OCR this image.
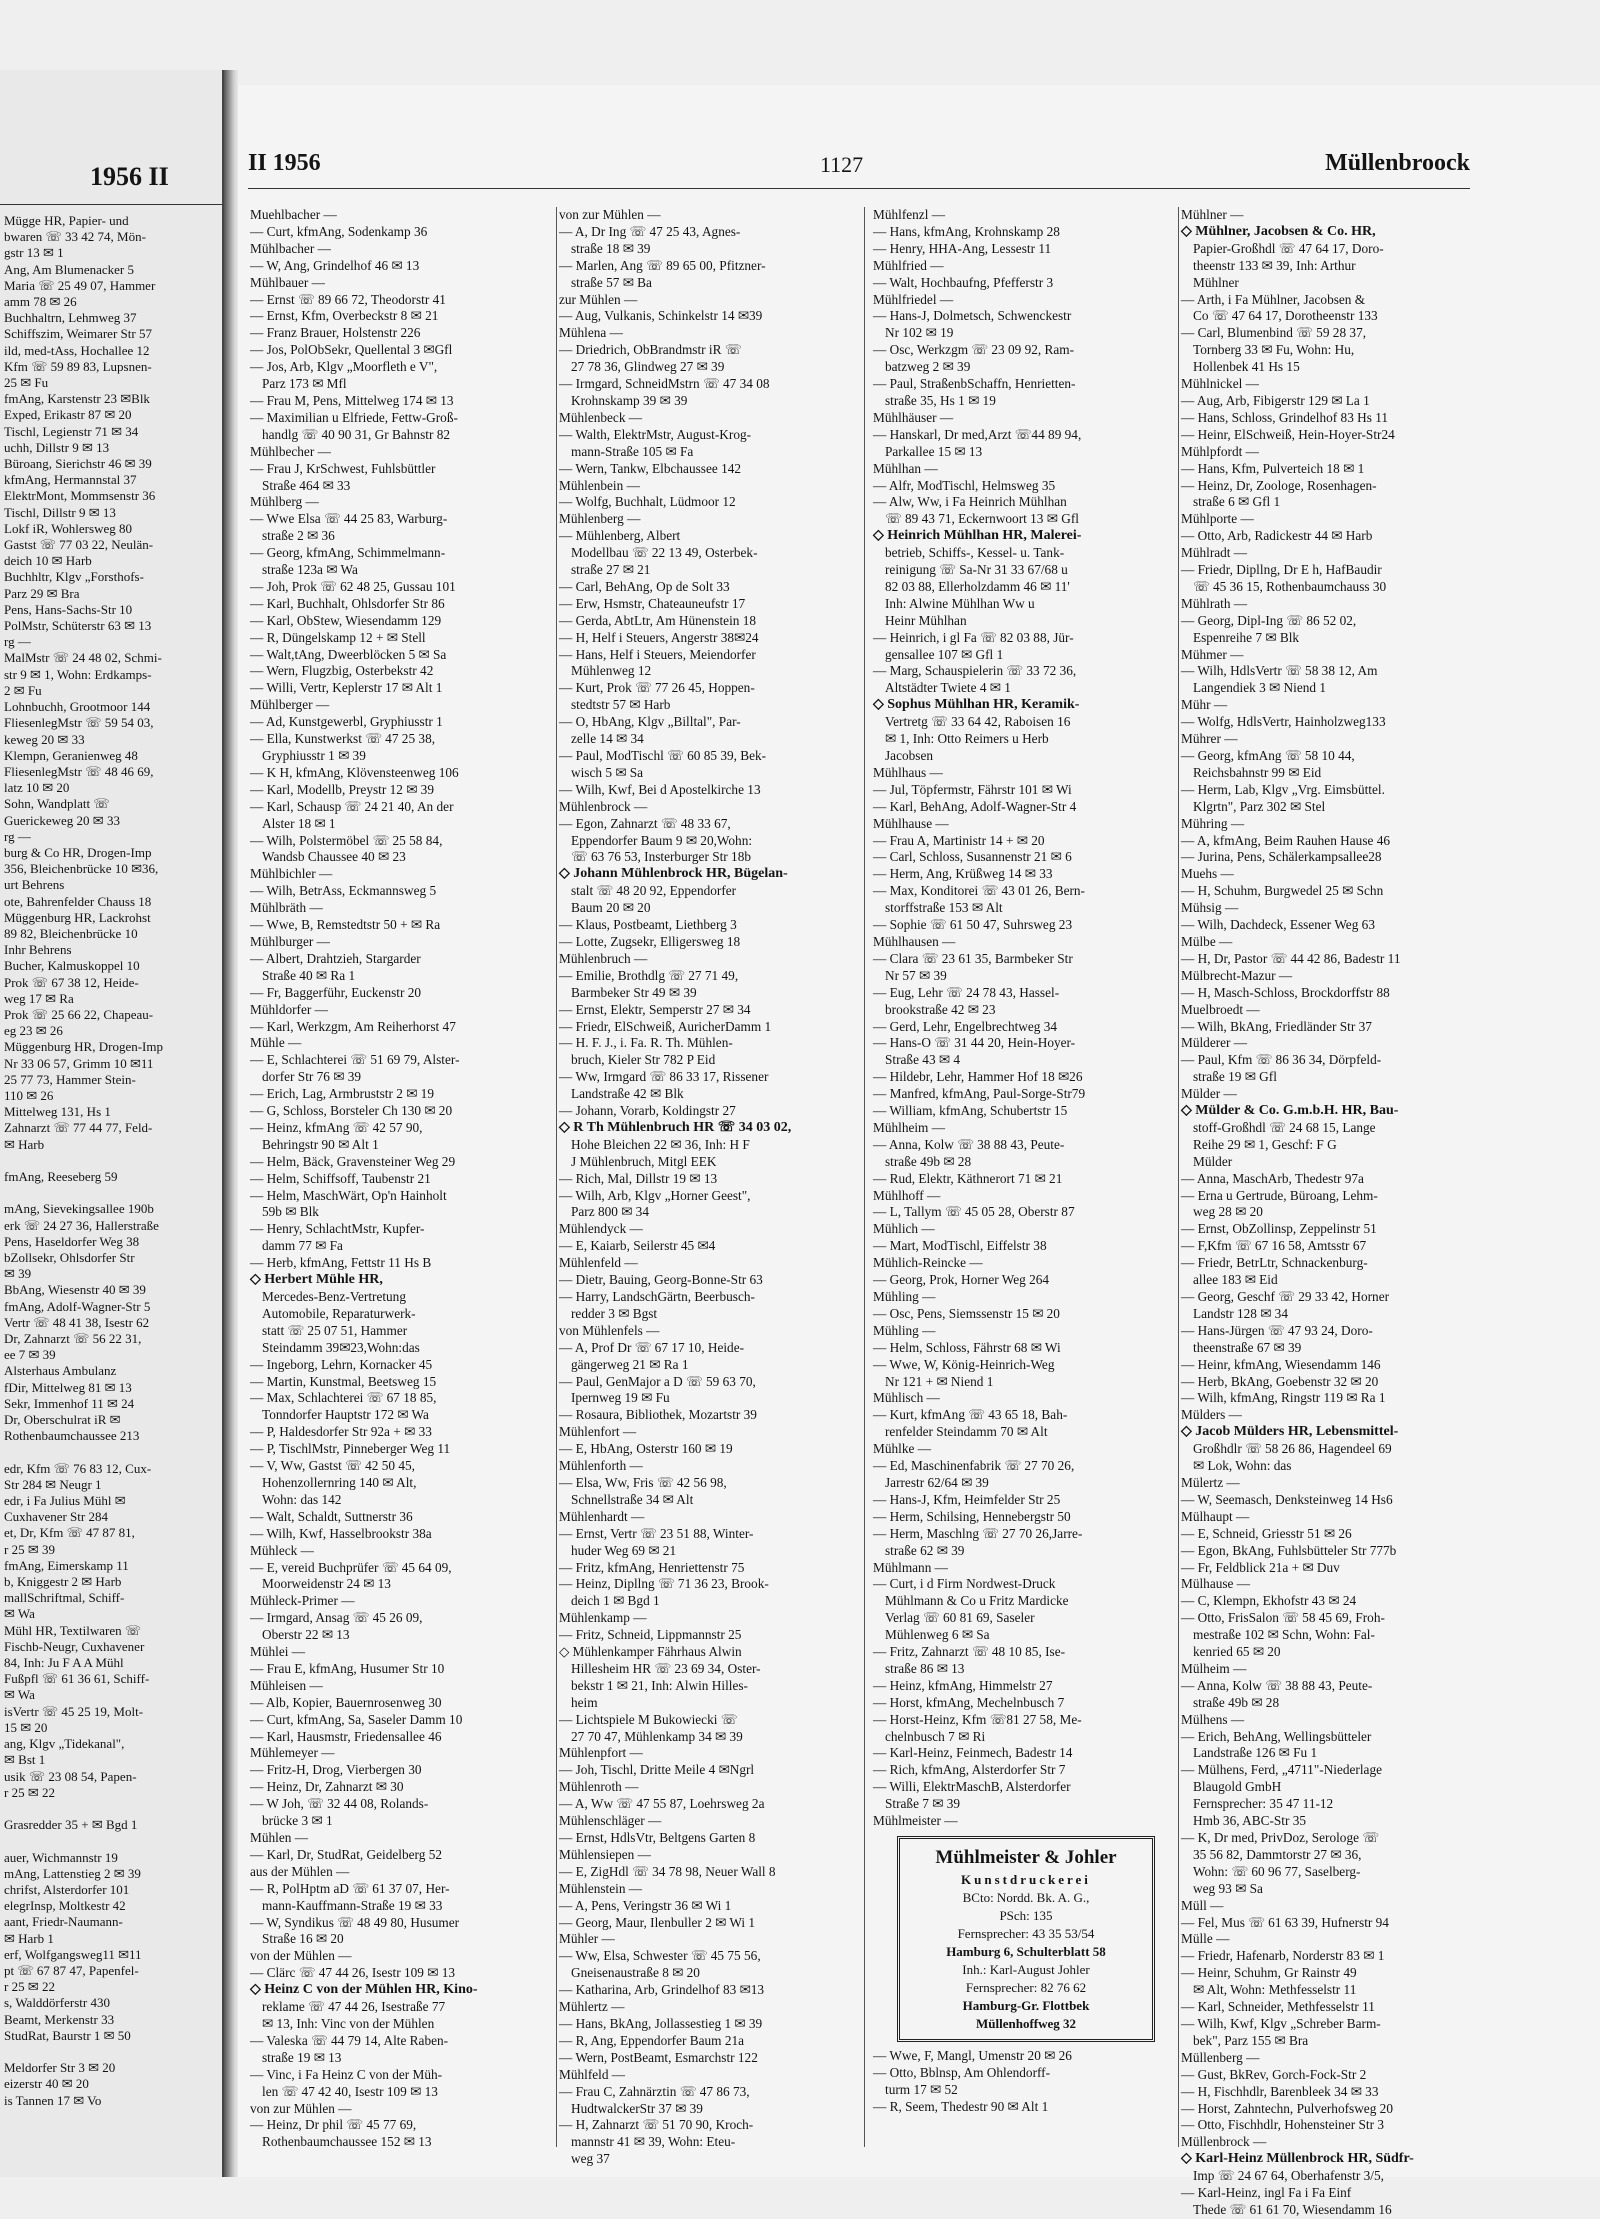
1956 II
Mügge HR, Papier- und
bwaren ☏ 33 42 74, Mön-
gstr 13 ✉ 1
Ang, Am Blumenacker 5
Maria ☏ 25 49 07, Hammer
amm 78 ✉ 26
Buchhaltrn, Lehmweg 37
Schiffszim, Weimarer Str 57
ild, med-tAss, Hochallee 12
Kfm ☏ 59 89 83, Lupsnen-
25 ✉ Fu
fmAng, Karstenstr 23 ✉Blk
Exped, Erikastr 87 ✉ 20
Tischl, Legienstr 71 ✉ 34
uchh, Dillstr 9 ✉ 13
Büroang, Sierichstr 46 ✉ 39
kfmAng, Hermannstal 37
ElektrMont, Mommsenstr 36
Tischl, Dillstr 9 ✉ 13
Lokf iR, Wohlersweg 80
Gastst ☏ 77 03 22, Neulän-
deich 10 ✉ Harb
Buchhltr, Klgv „Forsthofs-
Parz 29 ✉ Bra
Pens, Hans-Sachs-Str 10
PolMstr, Schüterstr 63 ✉ 13
rg —
MalMstr ☏ 24 48 02, Schmi-
str 9 ✉ 1, Wohn: Erdkamps-
2 ✉ Fu
Lohnbuchh, Grootmoor 144
FliesenlegMstr ☏ 59 54 03,
keweg 20 ✉ 33
Klempn, Geranienweg 48
FliesenlegMstr ☏ 48 46 69,
latz 10 ✉ 20
Sohn, Wandplatt ☏
Guerickeweg 20 ✉ 33
rg —
burg & Co HR, Drogen-Imp
356, Bleichenbrücke 10 ✉36,
urt Behrens
ote, Bahrenfelder Chauss 18
Müggenburg HR, Lackrohst
89 82, Bleichenbrücke 10
Inhr Behrens
Bucher, Kalmuskoppel 10
Prok ☏ 67 38 12, Heide-
weg 17 ✉ Ra
Prok ☏ 25 66 22, Chapeau-
eg 23 ✉ 26
Müggenburg HR, Drogen-Imp
Nr 33 06 57, Grimm 10 ✉11
25 77 73, Hammer Stein-
110 ✉ 26
Mittelweg 131, Hs 1
Zahnarzt ☏ 77 44 77, Feld-
✉ Harb

fmAng, Reeseberg 59

mAng, Sievekingsallee 190b
erk ☏ 24 27 36, Hallerstraße
Pens, Haseldorfer Weg 38
bZollsekr, Ohlsdorfer Str
✉ 39
BbAng, Wiesenstr 40 ✉ 39
fmAng, Adolf-Wagner-Str 5
Vertr ☏ 48 41 38, Isestr 62
Dr, Zahnarzt ☏ 56 22 31,
ee 7 ✉ 39
Alsterhaus Ambulanz
fDir, Mittelweg 81 ✉ 13
Sekr, Immenhof 11 ✉ 24
Dr, Oberschulrat iR ✉
Rothenbaumchaussee 213

edr, Kfm ☏ 76 83 12, Cux-
Str 284 ✉ Neugr 1
edr, i Fa Julius Mühl ✉
Cuxhavener Str 284
et, Dr, Kfm ☏ 47 87 81,
r 25 ✉ 39
fmAng, Eimerskamp 11
b, Kniggestr 2 ✉ Harb
mallSchriftmal, Schiff-
✉ Wa
Mühl HR, Textilwaren ☏
Fischb-Neugr, Cuxhavener
84, Inh: Ju F A A Mühl
Fußpfl ☏ 61 36 61, Schiff-
✉ Wa
isVertr ☏ 45 25 19, Molt-
15 ✉ 20
ang, Klgv „Tidekanal",
✉ Bst 1
usik ☏ 23 08 54, Papen-
r 25 ✉ 22

Grasredder 35 + ✉ Bgd 1

auer, Wichmannstr 19
mAng, Lattenstieg 2 ✉ 39
chrifst, Alsterdorfer 101
elegrInsp, Moltkestr 42
aant, Friedr-Naumann-
✉ Harb 1
erf, Wolfgangsweg11 ✉11
pt ☏ 67 87 47, Papenfel-
r 25 ✉ 22
s, Walddörferstr 430
Beamt, Merkenstr 33
StudRat, Baurstr 1 ✉ 50

Meldorfer Str 3 ✉ 20
eizerstr 40 ✉ 20
is Tannen 17 ✉ Vo
II 1956	1127	Müllenbroock
Muehlbacher —
— Curt, kfmAng, Sodenkamp 36
Mühlbacher —
— W, Ang, Grindelhof 46 ✉ 13
Mühlbauer —
— Ernst ☏ 89 66 72, Theodorstr 41
— Ernst, Kfm, Overbeckstr 8 ✉ 21
— Franz Brauer, Holstenstr 226
— Jos, PolObSekr, Quellental 3 ✉Gfl
— Jos, Arb, Klgv „Moorfleth e V",
Parz 173 ✉ Mfl
— Frau M, Pens, Mittelweg 174 ✉ 13
— Maximilian u Elfriede, Fettw-Groß-
handlg ☏ 40 90 31, Gr Bahnstr 82
Mühlbecher —
— Frau J, KrSchwest, Fuhlsbüttler
Straße 464 ✉ 33
Mühlberg —
— Wwe Elsa ☏ 44 25 83, Warburg-
straße 2 ✉ 36
— Georg, kfmAng, Schimmelmann-
straße 123a ✉ Wa
— Joh, Prok ☏ 62 48 25, Gussau 101
— Karl, Buchhalt, Ohlsdorfer Str 86
— Karl, ObStew, Wiesendamm 129
— R, Düngelskamp 12 + ✉ Stell
— Walt,tAng, Dweerblöcken 5 ✉ Sa
— Wern, Flugzbig, Osterbekstr 42
— Willi, Vertr, Keplerstr 17 ✉ Alt 1
Mühlberger —
— Ad, Kunstgewerbl, Gryphiusstr 1
— Ella, Kunstwerkst ☏ 47 25 38,
Gryphiusstr 1 ✉ 39
— K H, kfmAng, Klövensteenweg 106
— Karl, Modellb, Preystr 12 ✉ 39
— Karl, Schausp ☏ 24 21 40, An der
Alster 18 ✉ 1
— Wilh, Polstermöbel ☏ 25 58 84,
Wandsb Chaussee 40 ✉ 23
Mühlbichler —
— Wilh, BetrAss, Eckmannsweg 5
Mühlbräth —
— Wwe, B, Remstedtstr 50 + ✉ Ra
Mühlburger —
— Albert, Drahtzieh, Stargarder
Straße 40 ✉ Ra 1
— Fr, Baggerführ, Euckenstr 20
Mühldorfer —
— Karl, Werkzgm, Am Reiherhorst 47
Mühle —
— E, Schlachterei ☏ 51 69 79, Alster-
dorfer Str 76 ✉ 39
— Erich, Lag, Armbruststr 2 ✉ 19
— G, Schloss, Borsteler Ch 130 ✉ 20
— Heinz, kfmAng ☏ 42 57 90,
Behringstr 90 ✉ Alt 1
— Helm, Bäck, Gravensteiner Weg 29
— Helm, Schiffsoff, Taubenstr 21
— Helm, MaschWärt, Op'n Hainholt
59b ✉ Blk
— Henry, SchlachtMstr, Kupfer-
damm 77 ✉ Fa
— Herb, kfmAng, Fettstr 11 Hs B
◇ Herbert Mühle HR,
Mercedes-Benz-Vertretung
Automobile, Reparaturwerk-
statt ☏ 25 07 51, Hammer
Steindamm 39✉23,Wohn:das
— Ingeborg, Lehrn, Kornacker 45
— Martin, Kunstmal, Beetsweg 15
— Max, Schlachterei ☏ 67 18 85,
Tonndorfer Hauptstr 172 ✉ Wa
— P, Haldesdorfer Str 92a + ✉ 33
— P, TischlMstr, Pinneberger Weg 11
— V, Ww, Gastst ☏ 42 50 45,
Hohenzollernring 140 ✉ Alt,
Wohn: das 142
— Walt, Schaldt, Suttnerstr 36
— Wilh, Kwf, Hasselbrookstr 38a
Mühleck —
— E, vereid Buchprüfer ☏ 45 64 09,
Moorweidenstr 24 ✉ 13
Mühleck-Primer —
— Irmgard, Ansag ☏ 45 26 09,
Oberstr 22 ✉ 13
Mühlei —
— Frau E, kfmAng, Husumer Str 10
Mühleisen —
— Alb, Kopier, Bauernrosenweg 30
— Curt, kfmAng, Sa, Saseler Damm 10
— Karl, Hausmstr, Friedensallee 46
Mühlemeyer —
— Fritz-H, Drog, Vierbergen 30
— Heinz, Dr, Zahnarzt ✉ 30
— W Joh, ☏ 32 44 08, Rolands-
brücke 3 ✉ 1
Mühlen —
— Karl, Dr, StudRat, Geidelberg 52
aus der Mühlen —
— R, PolHptm aD ☏ 61 37 07, Her-
mann-Kauffmann-Straße 19 ✉ 33
— W, Syndikus ☏ 48 49 80, Husumer
Straße 16 ✉ 20
von der Mühlen —
— Clärc ☏ 47 44 26, Isestr 109 ✉ 13
◇ Heinz C von der Mühlen HR, Kino-
reklame ☏ 47 44 26, Isestraße 77
✉ 13, Inh: Vinc von der Mühlen
— Valeska ☏ 44 79 14, Alte Raben-
straße 19 ✉ 13
— Vinc, i Fa Heinz C von der Müh-
len ☏ 47 42 40, Isestr 109 ✉ 13
von zur Mühlen —
— Heinz, Dr phil ☏ 45 77 69,
Rothenbaumchaussee 152 ✉ 13
von zur Mühlen —
— A, Dr Ing ☏ 47 25 43, Agnes-
straße 18 ✉ 39
— Marlen, Ang ☏ 89 65 00, Pfitzner-
straße 57 ✉ Ba
zur Mühlen —
— Aug, Vulkanis, Schinkelstr 14 ✉39
Mühlena —
— Driedrich, ObBrandmstr iR ☏
27 78 36, Glindweg 27 ✉ 39
— Irmgard, SchneidMstrn ☏ 47 34 08
Krohnskamp 39 ✉ 39
Mühlenbeck —
— Walth, ElektrMstr, August-Krog-
mann-Straße 105 ✉ Fa
— Wern, Tankw, Elbchaussee 142
Mühlenbein —
— Wolfg, Buchhalt, Lüdmoor 12
Mühlenberg —
— Mühlenberg, Albert
Modellbau ☏ 22 13 49, Osterbek-
straße 27 ✉ 21
— Carl, BehAng, Op de Solt 33
— Erw, Hsmstr, Chateauneufstr 17
— Gerda, AbtLtr, Am Hünenstein 18
— H, Helf i Steuers, Angerstr 38✉24
— Hans, Helf i Steuers, Meiendorfer
Mühlenweg 12
— Kurt, Prok ☏ 77 26 45, Hoppen-
stedtstr 57 ✉ Harb
— O, HbAng, Klgv „Billtal", Par-
zelle 14 ✉ 34
— Paul, ModTischl ☏ 60 85 39, Bek-
wisch 5 ✉ Sa
— Wilh, Kwf, Bei d Apostelkirche 13
Mühlenbrock —
— Egon, Zahnarzt ☏ 48 33 67,
Eppendorfer Baum 9 ✉ 20,Wohn:
☏ 63 76 53, Insterburger Str 18b
◇ Johann Mühlenbrock HR, Bügelan-
stalt ☏ 48 20 92, Eppendorfer
Baum 20 ✉ 20
— Klaus, Postbeamt, Liethberg 3
— Lotte, Zugsekr, Elligersweg 18
Mühlenbruch —
— Emilie, Brothdlg ☏ 27 71 49,
Barmbeker Str 49 ✉ 39
— Ernst, Elektr, Semperstr 27 ✉ 34
— Friedr, ElSchweiß, AuricherDamm 1
— H. F. J., i. Fa. R. Th. Mühlen-
bruch, Kieler Str 782 P Eid
— Ww, Irmgard ☏ 86 33 17, Rissener
Landstraße 42 ✉ Blk
— Johann, Vorarb, Koldingstr 27
◇ R Th Mühlenbruch HR ☏ 34 03 02,
Hohe Bleichen 22 ✉ 36, Inh: H F
J Mühlenbruch, Mitgl EEK
— Rich, Mal, Dillstr 19 ✉ 13
— Wilh, Arb, Klgv „Horner Geest",
Parz 800 ✉ 34
Mühlendyck —
— E, Kaiarb, Seilerstr 45 ✉4
Mühlenfeld —
— Dietr, Bauing, Georg-Bonne-Str 63
— Harry, LandschGärtn, Beerbusch-
redder 3 ✉ Bgst
von Mühlenfels —
— A, Prof Dr ☏ 67 17 10, Heide-
gängerweg 21 ✉ Ra 1
— Paul, GenMajor a D ☏ 59 63 70,
Ipernweg 19 ✉ Fu
— Rosaura, Bibliothek, Mozartstr 39
Mühlenfort —
— E, HbAng, Osterstr 160 ✉ 19
Mühlenforth —
— Elsa, Ww, Fris ☏ 42 56 98,
Schnellstraße 34 ✉ Alt
Mühlenhardt —
— Ernst, Vertr ☏ 23 51 88, Winter-
huder Weg 69 ✉ 21
— Fritz, kfmAng, Henriettenstr 75
— Heinz, Dipllng ☏ 71 36 23, Brook-
deich 1 ✉ Bgd 1
Mühlenkamp —
— Fritz, Schneid, Lippmannstr 25
◇ Mühlenkamper Fährhaus Alwin
Hillesheim HR ☏ 23 69 34, Oster-
bekstr 1 ✉ 21, Inh: Alwin Hilles-
heim
— Lichtspiele M Bukowiecki ☏
27 70 47, Mühlenkamp 34 ✉ 39
Mühlenpfort —
— Joh, Tischl, Dritte Meile 4 ✉Ngrl
Mühlenroth —
— A, Ww ☏ 47 55 87, Loehrsweg 2a
Mühlenschläger —
— Ernst, HdlsVtr, Beltgens Garten 8
Mühlensiepen —
— E, ZigHdl ☏ 34 78 98, Neuer Wall 8
Mühlenstein —
— A, Pens, Veringstr 36 ✉ Wi 1
— Georg, Maur, Ilenbuller 2 ✉ Wi 1
Mühler —
— Ww, Elsa, Schwester ☏ 45 75 56,
Gneisenaustraße 8 ✉ 20
— Katharina, Arb, Grindelhof 83 ✉13
Mühlertz —
— Hans, BkAng, Jollassestieg 1 ✉ 39
— R, Ang, Eppendorfer Baum 21a
— Wern, PostBeamt, Esmarchstr 122
Mühlfeld —
— Frau C, Zahnärztin ☏ 47 86 73,
HudtwalckerStr 37 ✉ 39
— H, Zahnarzt ☏ 51 70 90, Kroch-
mannstr 41 ✉ 39, Wohn: Eteu-
weg 37
Mühlfenzl —
— Hans, kfmAng, Krohnskamp 28
— Henry, HHA-Ang, Lessestr 11
Mühlfried —
— Walt, Hochbaufng, Pfefferstr 3
Mühlfriedel —
— Hans-J, Dolmetsch, Schwenckestr
Nr 102 ✉ 19
— Osc, Werkzgm ☏ 23 09 92, Ram-
batzweg 2 ✉ 39
— Paul, StraßenbSchaffn, Henrietten-
straße 35, Hs 1 ✉ 19
Mühlhäuser —
— Hanskarl, Dr med,Arzt ☏44 89 94,
Parkallee 15 ✉ 13
Mühlhan —
— Alfr, ModTischl, Helmsweg 35
— Alw, Ww, i Fa Heinrich Mühlhan
☏ 89 43 71, Eckernwoort 13 ✉ Gfl
◇ Heinrich Mühlhan HR, Malerei-
betrieb, Schiffs-, Kessel- u. Tank-
reinigung ☏ Sa-Nr 31 33 67/68 u
82 03 88, Ellerholzdamm 46 ✉ 11'
Inh: Alwine Mühlhan Ww u
Heinr Mühlhan
— Heinrich, i gl Fa ☏ 82 03 88, Jür-
gensallee 107 ✉ Gfl 1
— Marg, Schauspielerin ☏ 33 72 36,
Altstädter Twiete 4 ✉ 1
◇ Sophus Mühlhan HR, Keramik-
Vertretg ☏ 33 64 42, Raboisen 16
✉ 1, Inh: Otto Reimers u Herb
Jacobsen
Mühlhaus —
— Jul, Töpfermstr, Fährstr 101 ✉ Wi
— Karl, BehAng, Adolf-Wagner-Str 4
Mühlhause —
— Frau A, Martinistr 14 + ✉ 20
— Carl, Schloss, Susannenstr 21 ✉ 6
— Herm, Ang, Krüßweg 14 ✉ 33
— Max, Konditorei ☏ 43 01 26, Bern-
storffstraße 153 ✉ Alt
— Sophie ☏ 61 50 47, Suhrsweg 23
Mühlhausen —
— Clara ☏ 23 61 35, Barmbeker Str
Nr 57 ✉ 39
— Eug, Lehr ☏ 24 78 43, Hassel-
brookstraße 42 ✉ 23
— Gerd, Lehr, Engelbrechtweg 34
— Hans-O ☏ 31 44 20, Hein-Hoyer-
Straße 43 ✉ 4
— Hildebr, Lehr, Hammer Hof 18 ✉26
— Manfred, kfmAng, Paul-Sorge-Str79
— William, kfmAng, Schubertstr 15
Mühlheim —
— Anna, Kolw ☏ 38 88 43, Peute-
straße 49b ✉ 28
— Rud, Elektr, Käthnerort 71 ✉ 21
Mühlhoff —
— L, Tallym ☏ 45 05 28, Oberstr 87
Mühlich —
— Mart, ModTischl, Eiffelstr 38
Mühlich-Reincke —
— Georg, Prok, Horner Weg 264
Mühling —
— Osc, Pens, Siemssenstr 15 ✉ 20
Mühling —
— Helm, Schloss, Fährstr 68 ✉ Wi
— Wwe, W, König-Heinrich-Weg
Nr 121 + ✉ Niend 1
Mühlisch —
— Kurt, kfmAng ☏ 43 65 18, Bah-
renfelder Steindamm 70 ✉ Alt
Mühlke —
— Ed, Maschinenfabrik ☏ 27 70 26,
Jarrestr 62/64 ✉ 39
— Hans-J, Kfm, Heimfelder Str 25
— Herm, Schilsing, Hennebergstr 50
— Herm, Maschlng ☏ 27 70 26,Jarre-
straße 62 ✉ 39
Mühlmann —
— Curt, i d Firm Nordwest-Druck
Mühlmann & Co u Fritz Mardicke
Verlag ☏ 60 81 69, Saseler
Mühlenweg 6 ✉ Sa
— Fritz, Zahnarzt ☏ 48 10 85, Ise-
straße 86 ✉ 13
— Heinz, kfmAng, Himmelstr 27
— Horst, kfmAng, Mechelnbusch 7
— Horst-Heinz, Kfm ☏81 27 58, Me-
chelnbusch 7 ✉ Ri
— Karl-Heinz, Feinmech, Badestr 14
— Rich, kfmAng, Alsterdorfer Str 7
— Willi, ElektrMaschB, Alsterdorfer
Straße 7 ✉ 39
Mühlmeister —
Mühlmeister & Johler
Kunstdruckerei
BCto: Nordd. Bk. A. G.,
PSch: 135
Fernsprecher: 43 35 53/54
Hamburg 6, Schulterblatt 58
Inh.: Karl-August Johler
Fernsprecher: 82 76 62
Hamburg-Gr. Flottbek
Müllenhoffweg 32
— Wwe, F, Mangl, Umenstr 20 ✉ 26
— Otto, Bblnsp, Am Ohlendorff-
turm 17 ✉ 52
— R, Seem, Thedestr 90 ✉ Alt 1
Mühlner —
◇ Mühlner, Jacobsen & Co. HR,
Papier-Großhdl ☏ 47 64 17, Doro-
theenstr 133 ✉ 39, Inh: Arthur
Mühlner
— Arth, i Fa Mühlner, Jacobsen &
Co ☏ 47 64 17, Dorotheenstr 133
— Carl, Blumenbind ☏ 59 28 37,
Tornberg 33 ✉ Fu, Wohn: Hu,
Hollenbek 41 Hs 15
Mühlnickel —
— Aug, Arb, Fibigerstr 129 ✉ La 1
— Hans, Schloss, Grindelhof 83 Hs 11
— Heinr, ElSchweiß, Hein-Hoyer-Str24
Mühlpfordt —
— Hans, Kfm, Pulverteich 18 ✉ 1
— Heinz, Dr, Zoologe, Rosenhagen-
straße 6 ✉ Gfl 1
Mühlporte —
— Otto, Arb, Radickestr 44 ✉ Harb
Mühlradt —
— Friedr, Dipllng, Dr E h, HafBaudir
☏ 45 36 15, Rothenbaumchauss 30
Mühlrath —
— Georg, Dipl-Ing ☏ 86 52 02,
Espenreihe 7 ✉ Blk
Mühmer —
— Wilh, HdlsVertr ☏ 58 38 12, Am
Langendiek 3 ✉ Niend 1
Mühr —
— Wolfg, HdlsVertr, Hainholzweg133
Mührer —
— Georg, kfmAng ☏ 58 10 44,
Reichsbahnstr 99 ✉ Eid
— Herm, Lab, Klgv „Vrg. Eimsbüttel.
Klgrtn", Parz 302 ✉ Stel
Mühring —
— A, kfmAng, Beim Rauhen Hause 46
— Jurina, Pens, Schälerkampsallee28
Muehs —
— H, Schuhm, Burgwedel 25 ✉ Schn
Mühsig —
— Wilh, Dachdeck, Essener Weg 63
Mülbe —
— H, Dr, Pastor ☏ 44 42 86, Badestr 11
Mülbrecht-Mazur —
— H, Masch-Schloss, Brockdorffstr 88
Muelbroedt —
— Wilh, BkAng, Friedländer Str 37
Mülderer —
— Paul, Kfm ☏ 86 36 34, Dörpfeld-
straße 19 ✉ Gfl
Mülder —
◇ Mülder & Co. G.m.b.H. HR, Bau-
stoff-Großhdl ☏ 24 68 15, Lange
Reihe 29 ✉ 1, Geschf: F G
Mülder
— Anna, MaschArb, Thedestr 97a
— Erna u Gertrude, Büroang, Lehm-
weg 28 ✉ 20
— Ernst, ObZollinsp, Zeppelinstr 51
— F,Kfm ☏ 67 16 58, Amtsstr 67
— Friedr, BetrLtr, Schnackenburg-
allee 183 ✉ Eid
— Georg, Geschf ☏ 29 33 42, Horner
Landstr 128 ✉ 34
— Hans-Jürgen ☏ 47 93 24, Doro-
theenstraße 67 ✉ 39
— Heinr, kfmAng, Wiesendamm 146
— Herb, BkAng, Goebenstr 32 ✉ 20
— Wilh, kfmAng, Ringstr 119 ✉ Ra 1
Mülders —
◇ Jacob Mülders HR, Lebensmittel-
Großhdlr ☏ 58 26 86, Hagendeel 69
✉ Lok, Wohn: das
Mülertz —
— W, Seemasch, Denksteinweg 14 Hs6
Mülhaupt —
— E, Schneid, Griesstr 51 ✉ 26
— Egon, BkAng, Fuhlsbütteler Str 777b
— Fr, Feldblick 21a + ✉ Duv
Mülhause —
— C, Klempn, Ekhofstr 43 ✉ 24
— Otto, FrisSalon ☏ 58 45 69, Froh-
mestraße 102 ✉ Schn, Wohn: Fal-
kenried 65 ✉ 20
Mülheim —
— Anna, Kolw ☏ 38 88 43, Peute-
straße 49b ✉ 28
Mülhens —
— Erich, BehAng, Wellingsbütteler
Landstraße 126 ✉ Fu 1
— Mülhens, Ferd, „4711"-Niederlage
Blaugold GmbH
Fernsprecher: 35 47 11-12
Hmb 36, ABC-Str 35
— K, Dr med, PrivDoz, Serologe ☏
35 56 82, Dammtorstr 27 ✉ 36,
Wohn: ☏ 60 96 77, Saselberg-
weg 93 ✉ Sa
Müll —
— Fel, Mus ☏ 61 63 39, Hufnerstr 94
Mülle —
— Friedr, Hafenarb, Norderstr 83 ✉ 1
— Heinr, Schuhm, Gr Rainstr 49
✉ Alt, Wohn: Methfesselstr 11
— Karl, Schneider, Methfesselstr 11
— Wilh, Kwf, Klgv „Schreber Barm-
bek", Parz 155 ✉ Bra
Müllenberg —
— Gust, BkRev, Gorch-Fock-Str 2
— H, Fischhdlr, Barenbleek 34 ✉ 33
— Horst, Zahntechn, Pulverhofsweg 20
— Otto, Fischhdlr, Hohensteiner Str 3
Müllenbrock —
◇ Karl-Heinz Müllenbrock HR, Südfr-
Imp ☏ 24 67 64, Oberhafenstr 3/5,
— Karl-Heinz, ingl Fa i Fa Einf
Thede ☏ 61 61 70, Wiesendamm 16
